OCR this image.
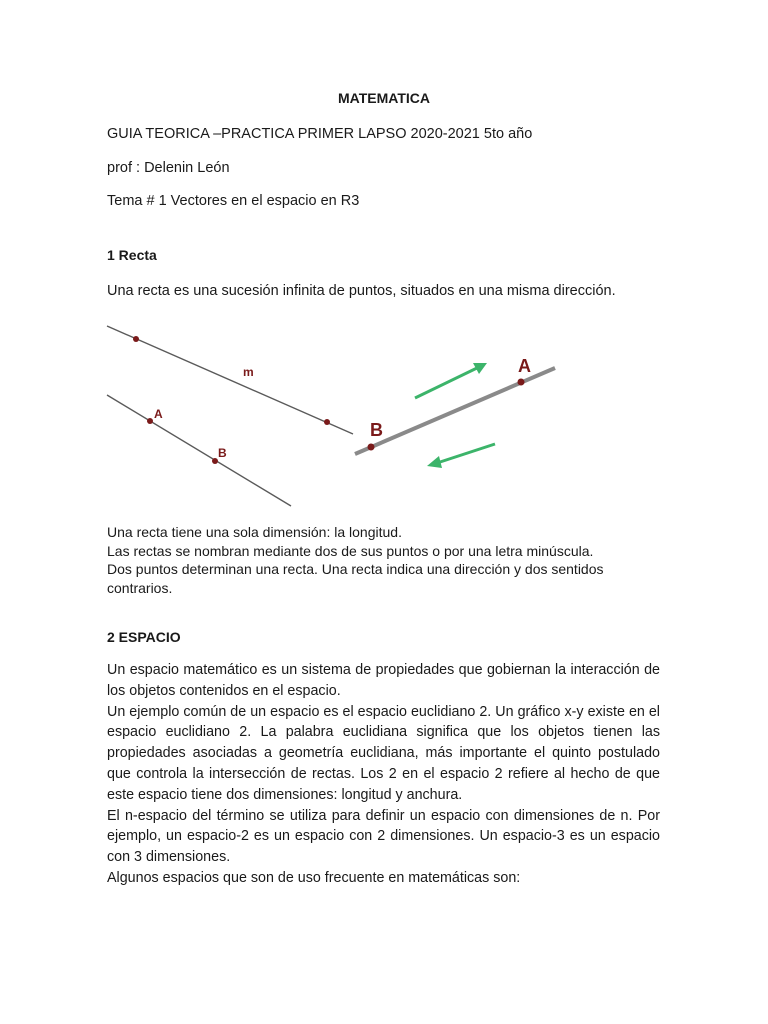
MATEMATICA
GUIA TEORICA –PRACTICA PRIMER LAPSO 2020-2021 5to año
prof : Delenin León
Tema # 1 Vectores en el espacio en R3
1 Recta
Una recta es una sucesión infinita de puntos, situados en una misma dirección.
m
A
B
B
A
Una recta tiene una sola dimensión: la longitud.
Las rectas se nombran mediante dos de sus puntos o por una letra minúscula.
Dos puntos determinan una recta. Una recta indica una dirección y dos sentidos contrarios.
2 ESPACIO

Un espacio matemático es un sistema de propiedades que gobiernan la interacción de los objetos contenidos en el espacio.

Un ejemplo común de un espacio es el espacio euclidiano 2. Un gráfico x-y existe en el espacio euclidiano 2. La palabra euclidiana significa que los objetos tienen las propiedades asociadas a geometría euclidiana, más importante el quinto postulado que controla la intersección de rectas. Los 2 en el espacio 2 refiere al hecho de que este espacio tiene dos dimensiones: longitud y anchura.

El n-espacio del término se utiliza para definir un espacio con dimensiones de n. Por ejemplo, un espacio-2 es un espacio con 2 dimensiones. Un espacio-3 es un espacio con 3 dimensiones.

Algunos espacios que son de uso frecuente en matemáticas son:
